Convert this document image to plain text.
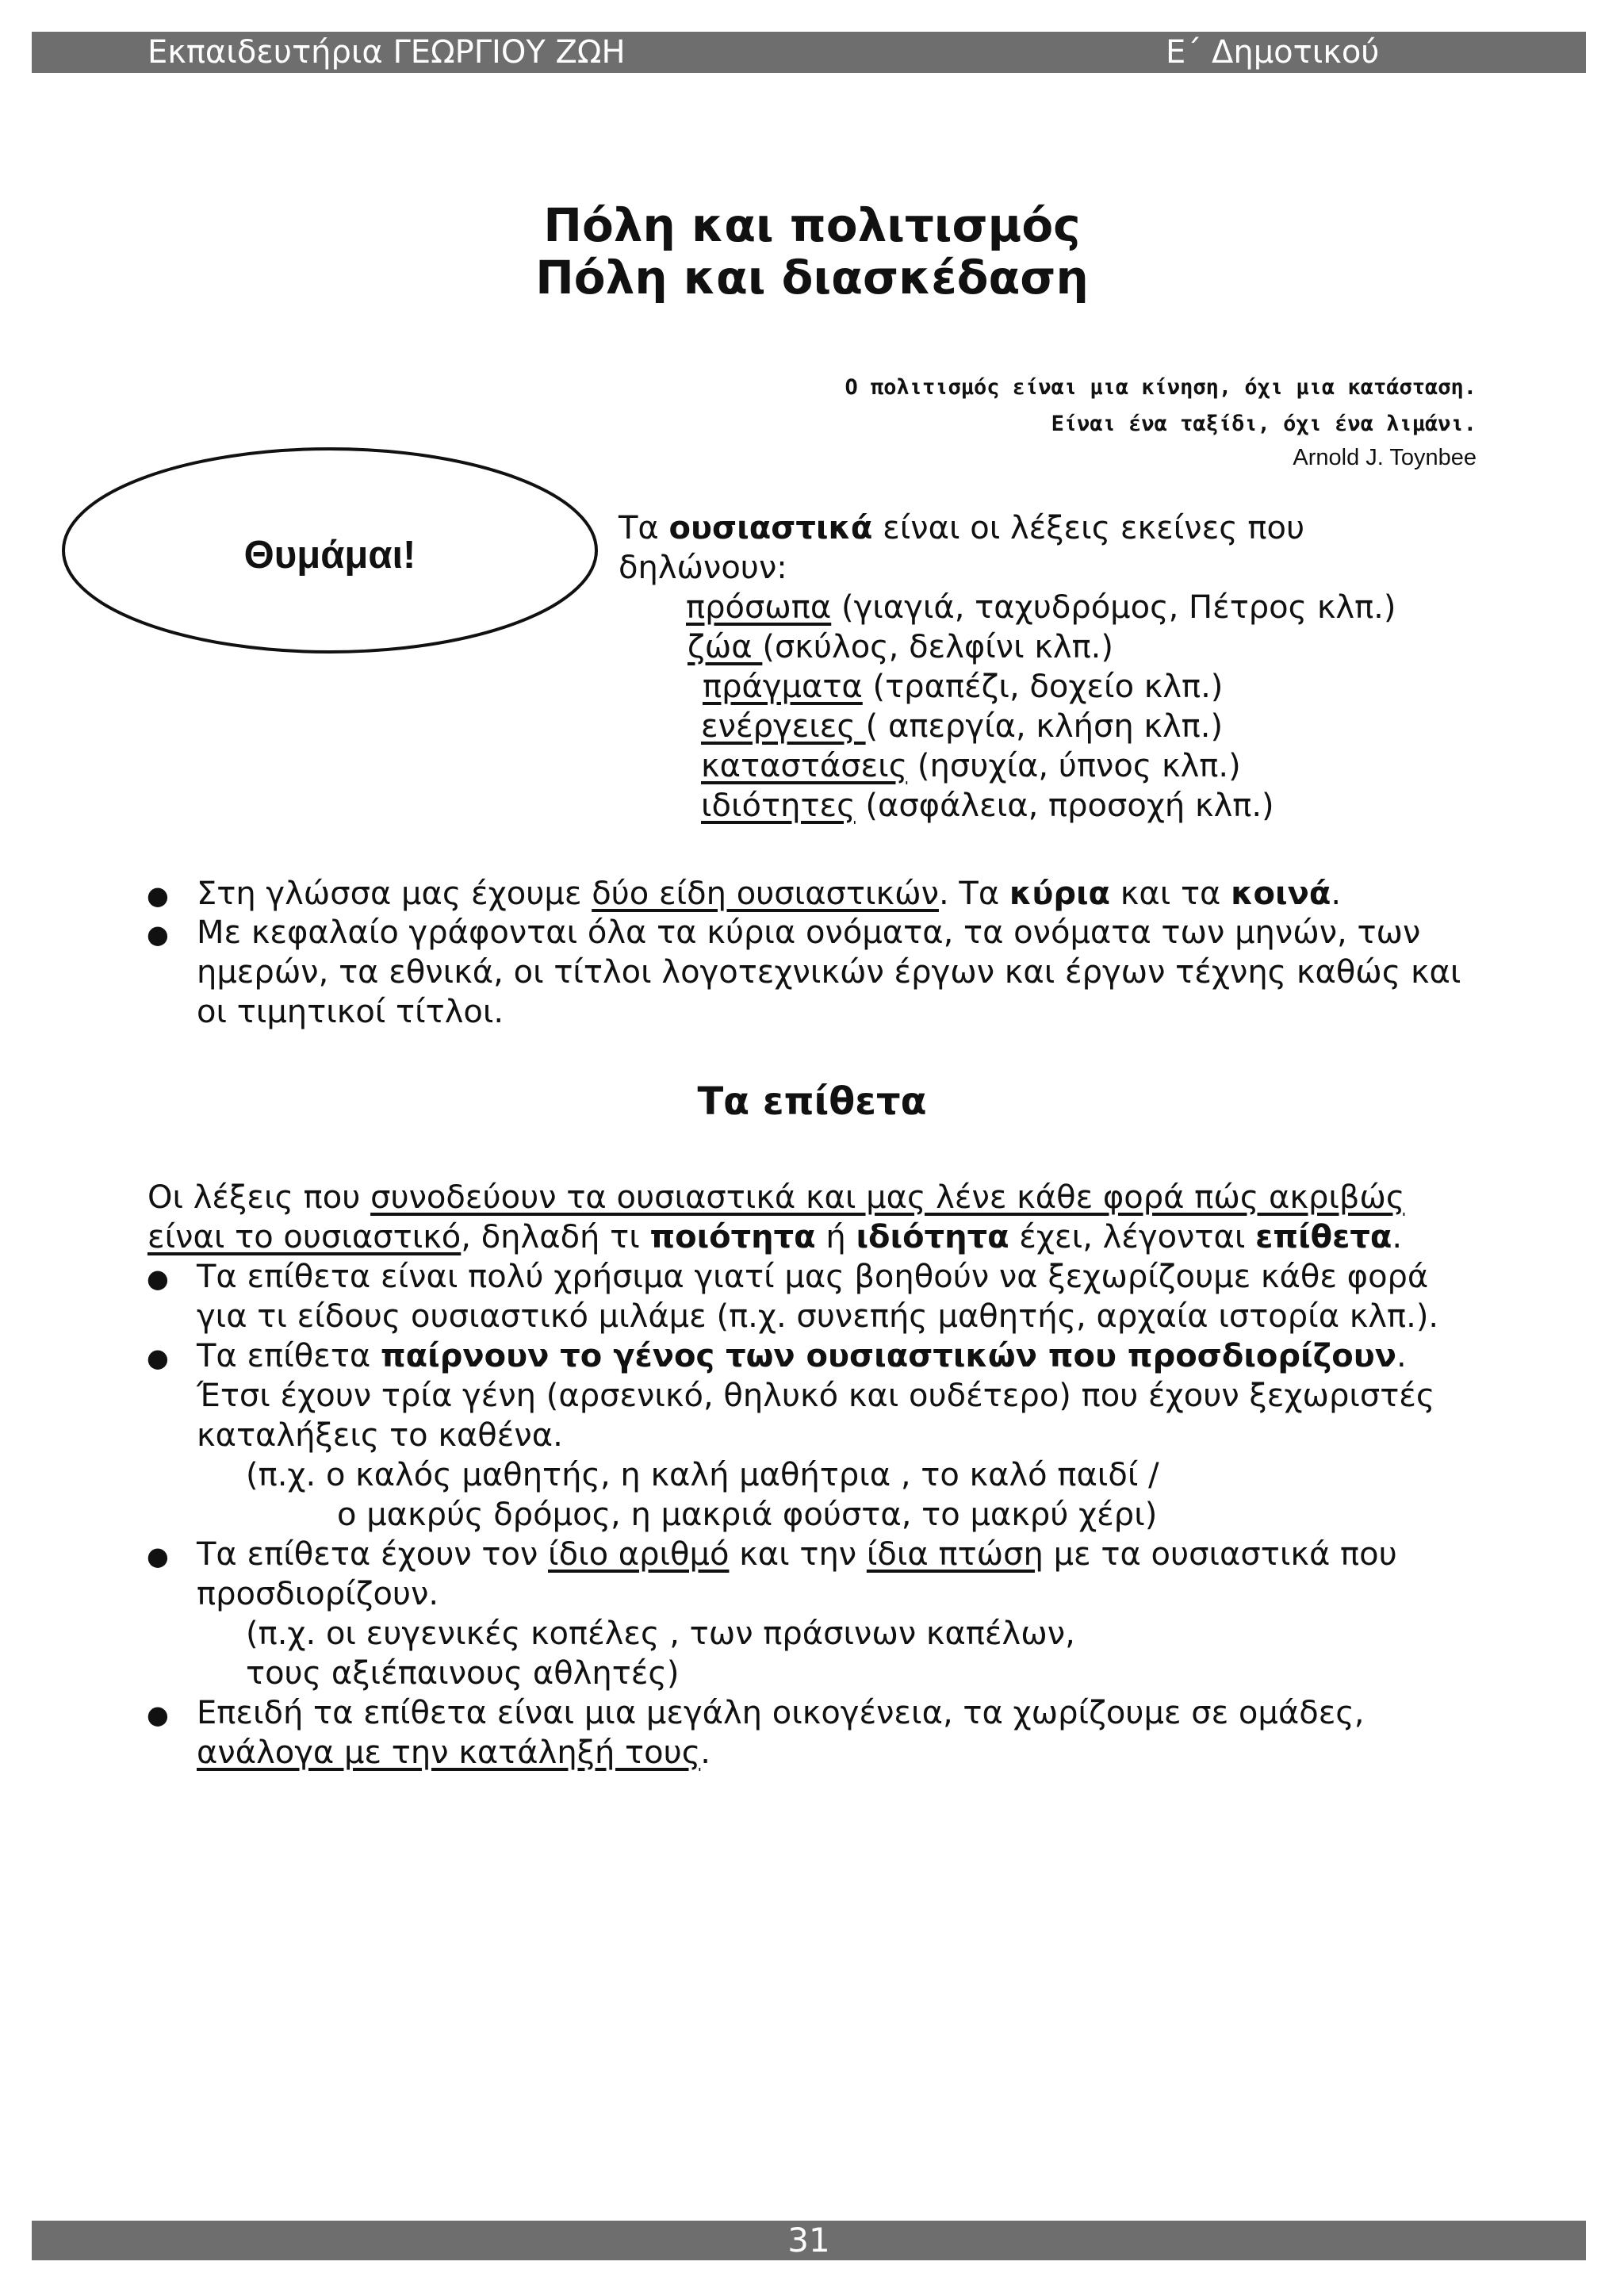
Εκπαιδευτήρια ΓΕΩΡΓΙΟΥ ΖΩΗ	Ε΄ Δημοτικού
Πόλη και πολιτισμός
Πόλη και διασκέδαση

Ο πολιτισμός είναι μια κίνηση, όχι μια κατάσταση.

Είναι ένα ταξίδι, όχι ένα λιμάνι.

Arnold J. Toynbee

Θυμάμαι!

Τα ουσιαστικά είναι οι λέξεις εκείνες που

δηλώνουν:

πρόσωπα (γιαγιά, ταχυδρόμος, Πέτρος κλπ.)

ζώα (σκύλος, δελφίνι κλπ.)

πράγματα (τραπέζι, δοχείο κλπ.)

ενέργειες ( απεργία, κλήση κλπ.)

καταστάσεις (ησυχία, ύπνος κλπ.)

ιδιότητες (ασφάλεια, προσοχή κλπ.)

● Στη γλώσσα μας έχουμε δύο είδη ουσιαστικών. Τα κύρια και τα κοινά.

● Με κεφαλαίο γράφονται όλα τα κύρια ονόματα, τα ονόματα των μηνών, των

ημερών, τα εθνικά, οι τίτλοι λογοτεχνικών έργων και έργων τέχνης καθώς και

οι τιμητικοί τίτλοι.

Τα επίθετα

Οι λέξεις που συνοδεύουν τα ουσιαστικά και μας λένε κάθε φορά πώς ακριβώς

είναι το ουσιαστικό, δηλαδή τι ποιότητα ή ιδιότητα έχει, λέγονται επίθετα.

● Τα επίθετα είναι πολύ χρήσιμα γιατί μας βοηθούν να ξεχωρίζουμε κάθε φορά

για τι είδους ουσιαστικό μιλάμε (π.χ. συνεπής μαθητής, αρχαία ιστορία κλπ.).

● Τα επίθετα παίρνουν το γένος των ουσιαστικών που προσδιορίζουν.

Έτσι έχουν τρία γένη (αρσενικό, θηλυκό και ουδέτερο) που έχουν ξεχωριστές

καταλήξεις το καθένα.

(π.χ. ο καλός μαθητής, η καλή μαθήτρια , το καλό παιδί /

ο μακρύς δρόμος, η μακριά φούστα, το μακρύ χέρι)

● Τα επίθετα έχουν τον ίδιο αριθμό και την ίδια πτώση με τα ουσιαστικά που

προσδιορίζουν.

(π.χ. οι ευγενικές κοπέλες , των πράσινων καπέλων,

τους αξιέπαινους αθλητές)

● Επειδή τα επίθετα είναι μια μεγάλη οικογένεια, τα χωρίζουμε σε ομάδες,

ανάλογα με την κατάληξή τους.

31
